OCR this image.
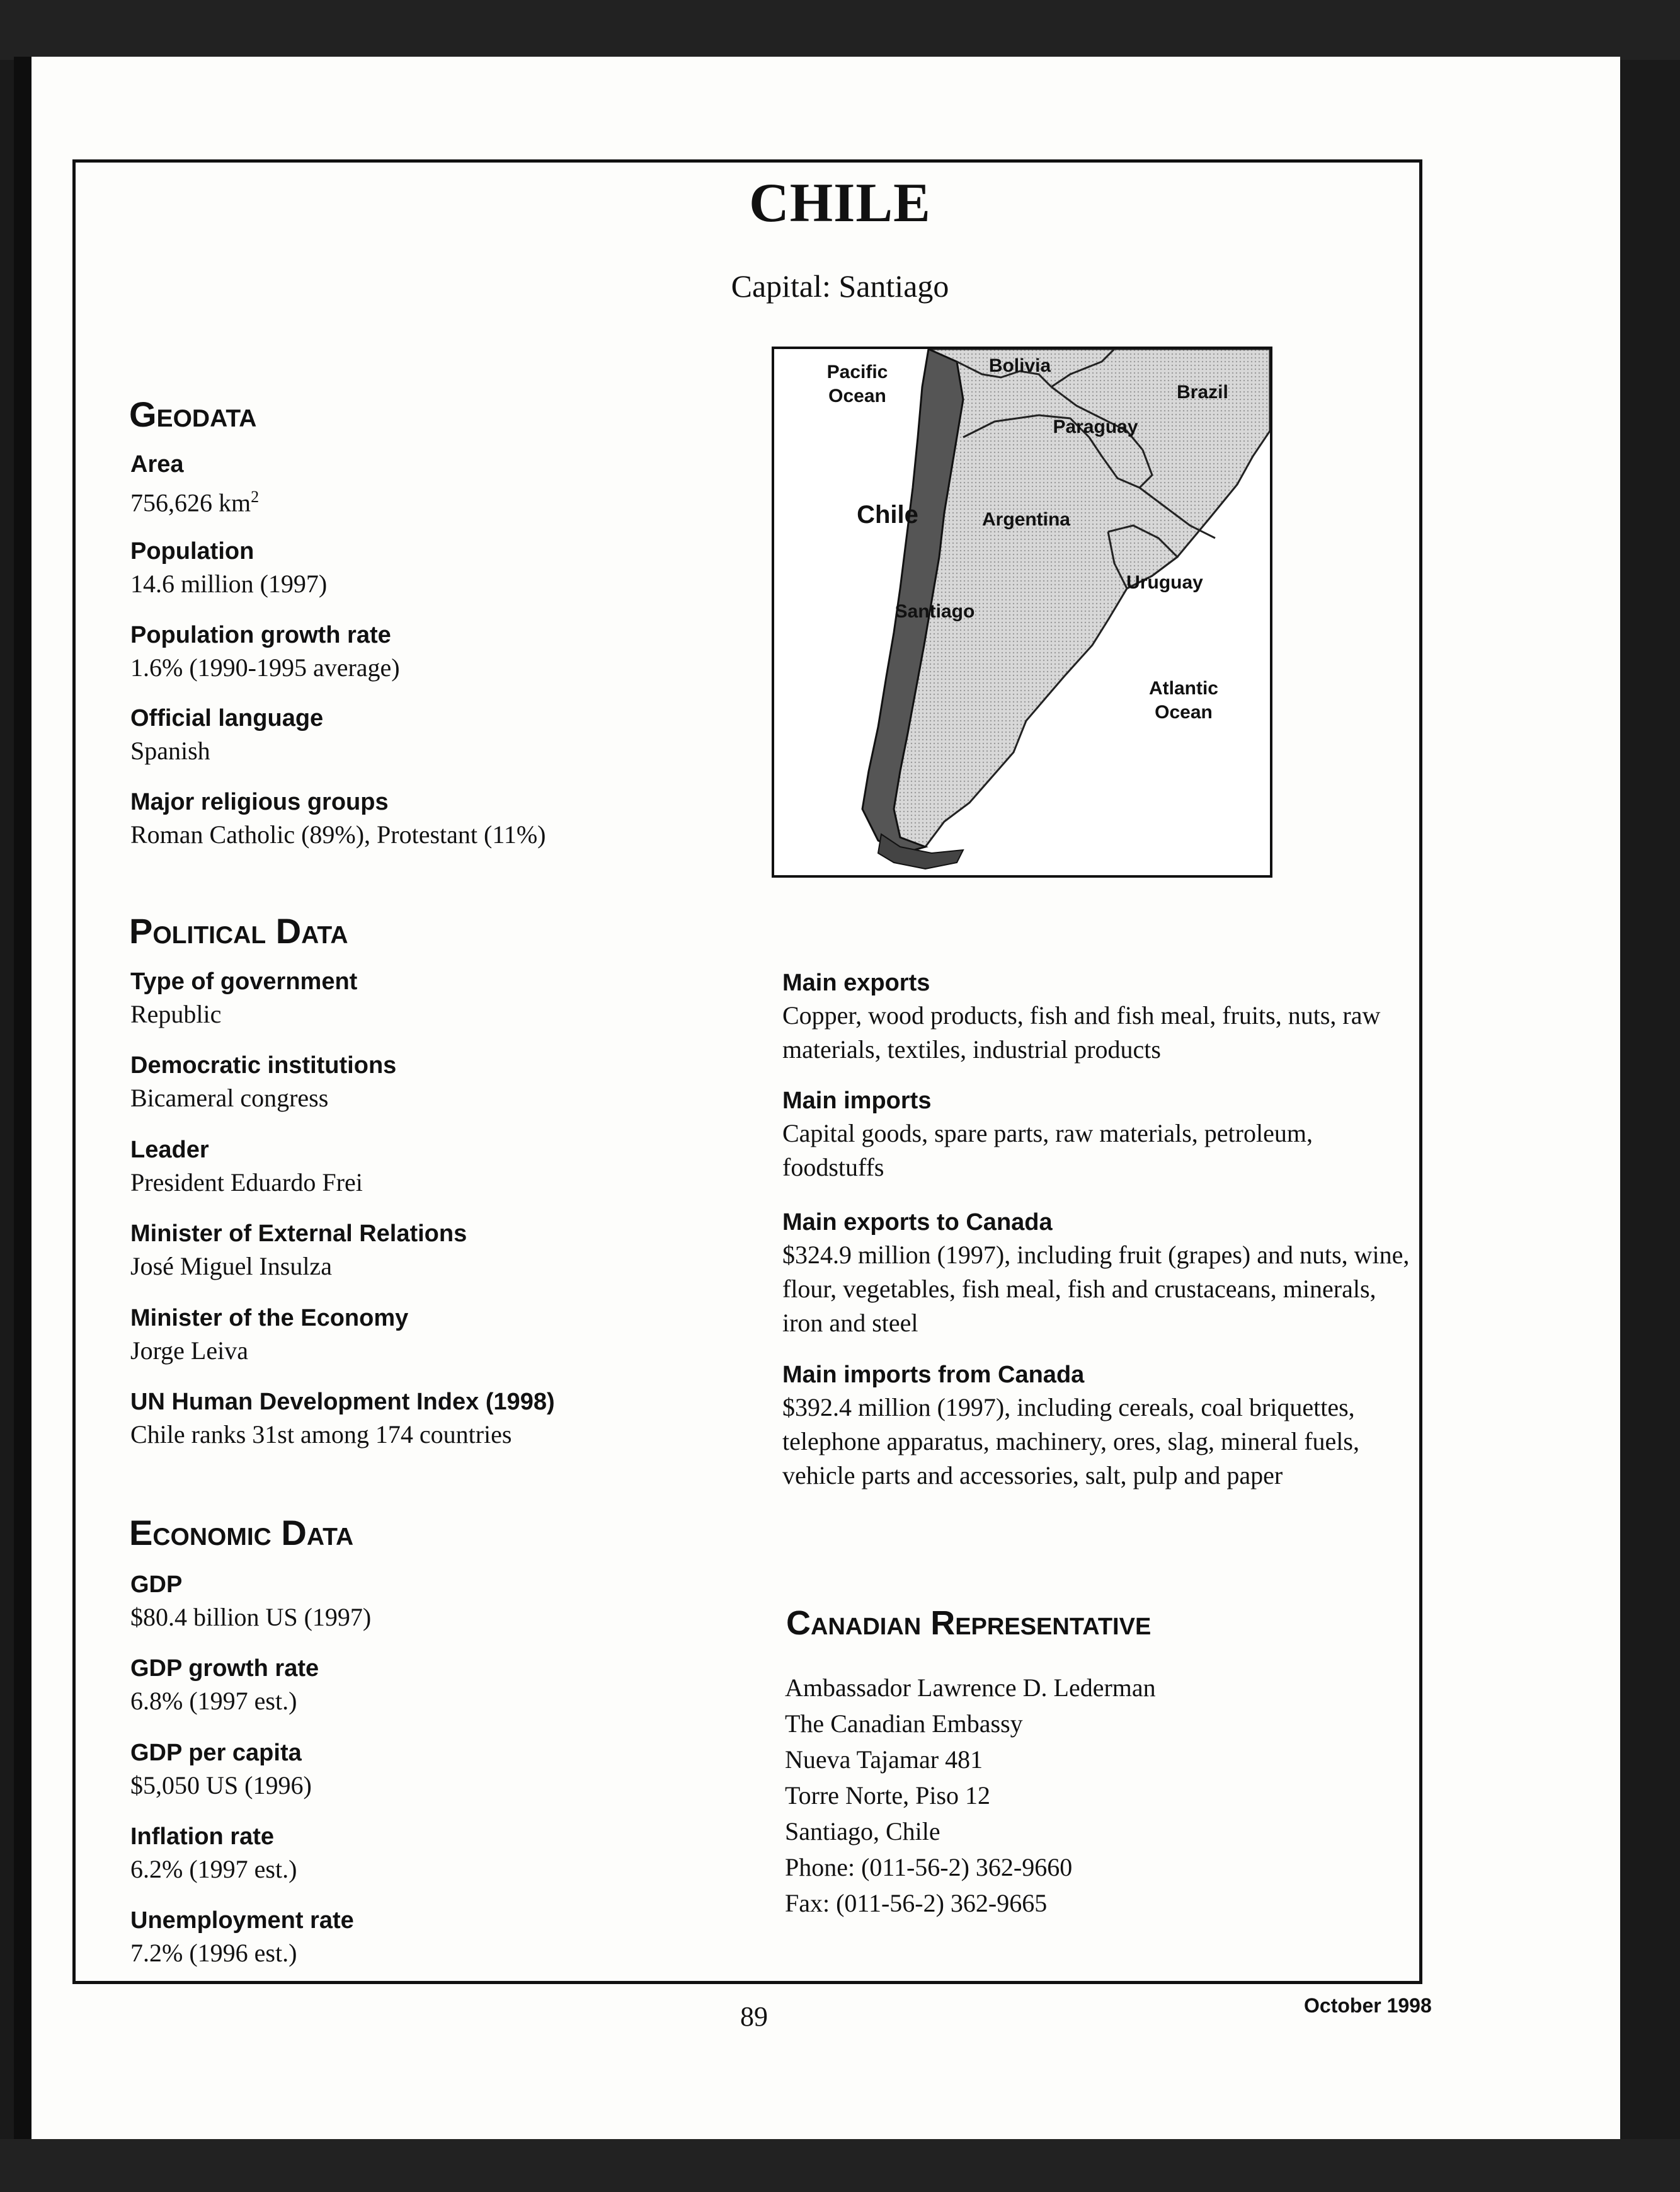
CHILE
Capital: Santiago
Pacific
Ocean
Bolivia
Brazil
Paraguay
Chile	Argentina
Uruguay
Santiago
Atlantic
Ocean
Geodata
Area
756,626 $km^2$
Population
14.6 million (1997)
Population growth rate
1.6% (1990-1995 average)
Official language
Spanish
Major religious groups
Roman Catholic (89%), Protestant (11%)
Political Data
Type of government
Republic
Democratic institutions
Bicameral congress
Leader
President Eduardo Frei
Minister of External Relations
José Miguel Insulza
Minister of the Economy
Jorge Leiva
UN Human Development Index (1998)
Chile ranks 31st among 174 countries
Economic Data
GDP
$80.4 billion US (1997)
GDP growth rate
6.8% (1997 est.)
GDP per capita
$5,050 US (1996)
Inflation rate
6.2% (1997 est.)
Unemployment rate
7.2% (1996 est.)
Main exports
Copper, wood products, fish and fish meal, fruits, nuts, raw materials, textiles, industrial products
Main imports
Capital goods, spare parts, raw materials, petroleum, foodstuffs
Main exports to Canada
$324.9 million (1997), including fruit (grapes) and nuts, wine, flour, vegetables, fish meal, fish and crustaceans, minerals, iron and steel
Main imports from Canada
$392.4 million (1997), including cereals, coal briquettes, telephone apparatus, machinery, ores, slag, mineral fuels, vehicle parts and accessories, salt, pulp and paper
Canadian Representative
Ambassador Lawrence D. Lederman
The Canadian Embassy
Nueva Tajamar 481
Torre Norte, Piso 12
Santiago, Chile
Phone: (011-56-2) 362-9660
Fax: (011-56-2) 362-9665
89	October 1998
